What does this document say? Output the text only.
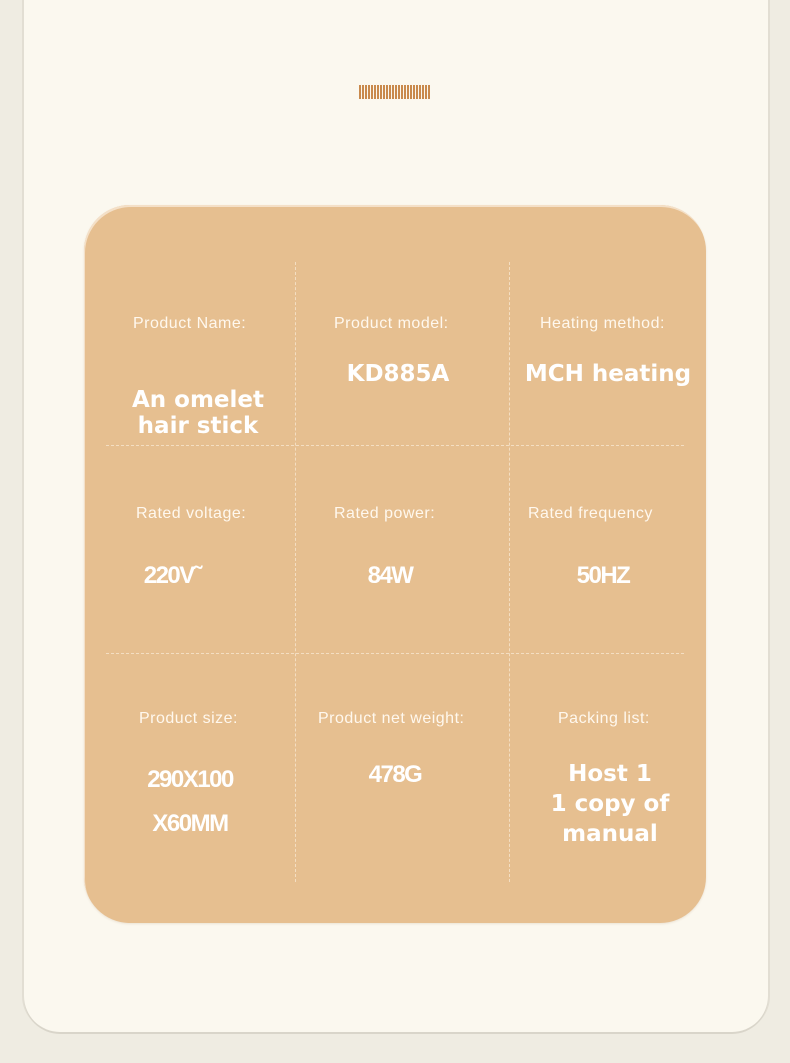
Product Name:

An omelet
hair stick

Product model:
KD885A
Heating method:
MCH heating
Rated voltage:
220V˜
Rated power:
84W
Rated frequency
50HZ
Product size:
290X100
X60MM
Product net weight:
478G
Packing list:
Host 1
1 copy of
manual
